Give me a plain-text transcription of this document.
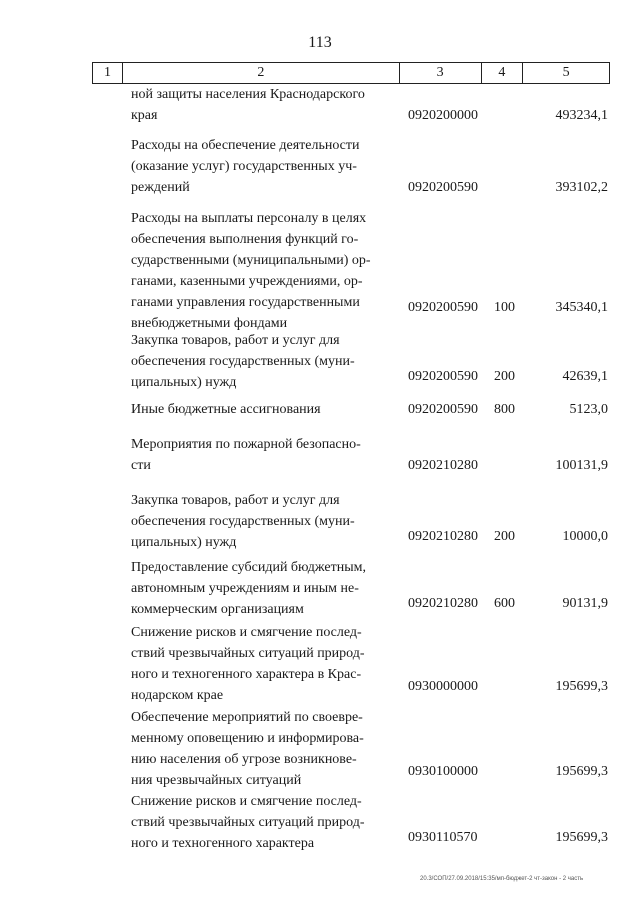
113
1	2	3	4	5
ной защиты населения Краснодарского
края	0920200000	493234,1
Расходы на обеспечение деятельности
(оказание услуг) государственных уч-
реждений	0920200590	393102,2
Расходы на выплаты персоналу в целях
обеспечения выполнения функций го-
сударственными (муниципальными) ор-
ганами, казенными учреждениями, ор-
ганами управления государственными
внебюджетными фондами
0920200590	100	345340,1
Закупка товаров, работ и услуг для
обеспечения государственных (муни-
ципальных) нужд	0920200590	200	42639,1
Иные бюджетные ассигнования	0920200590	800	5123,0
Мероприятия по пожарной безопасно-
сти	0920210280	100131,9
Закупка товаров, работ и услуг для
обеспечения государственных (муни-
ципальных) нужд	0920210280	200	10000,0
Предоставление субсидий бюджетным,
автономным учреждениям и иным не-
коммерческим организациям	0920210280	600	90131,9
Снижение рисков и смягчение послед-
ствий чрезвычайных ситуаций природ-
ного и техногенного характера в Крас-
нодарском крае
0930000000	195699,3
Обеспечение мероприятий по своевре-
менному оповещению и информирова-
нию населения об угрозе возникнове-
ния чрезвычайных ситуаций
0930100000	195699,3
Снижение рисков и смягчение послед-
ствий чрезвычайных ситуаций природ-
ного и техногенного характера	0930110570	195699,3
20.3/СОП/27.09.2018/15:35/мп-бюджет-2 чт-закон - 2 часть
